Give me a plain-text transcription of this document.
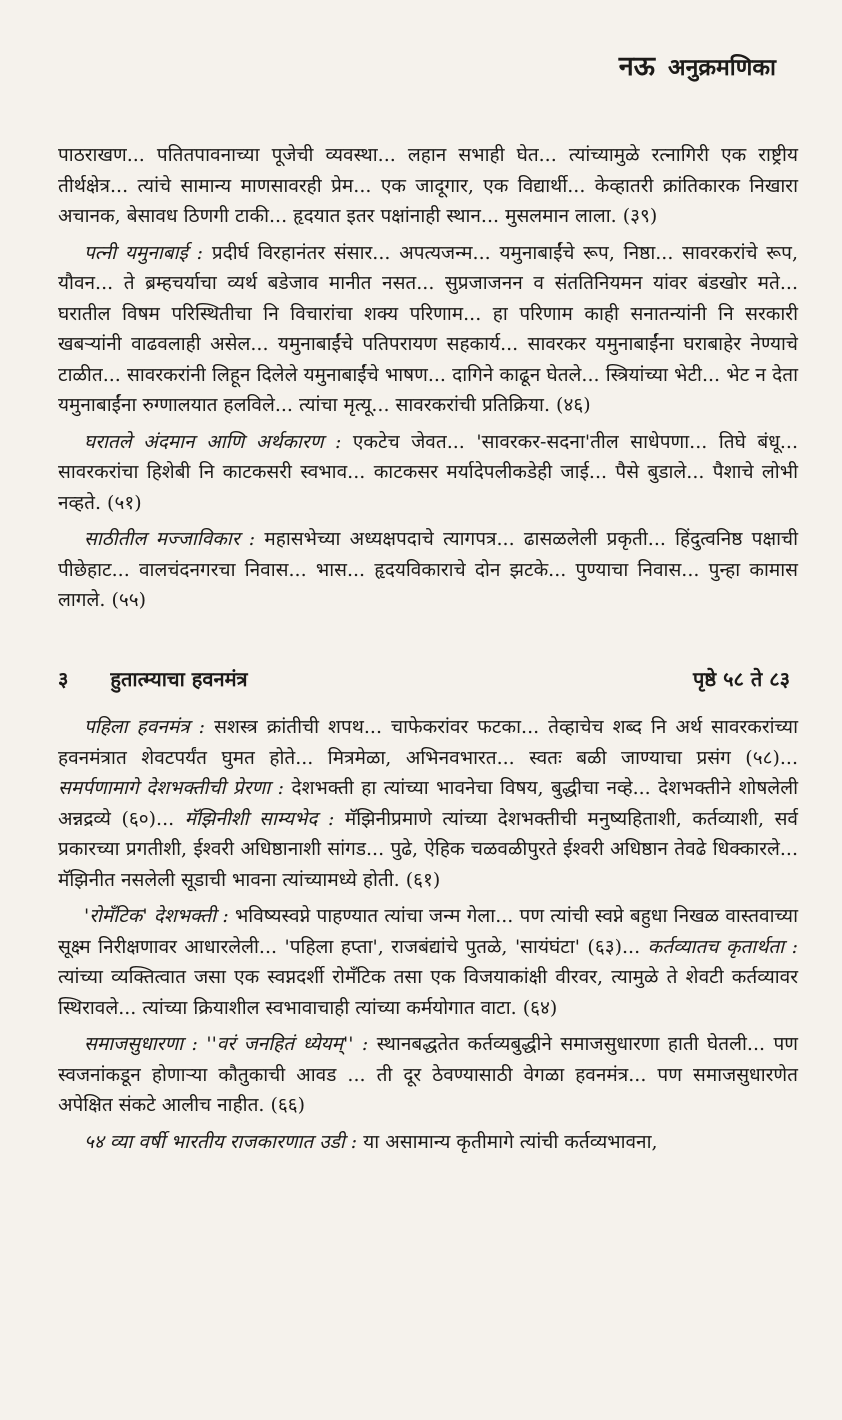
नऊ अनुक्रमणिका

पाठराखण... पतितपावनाच्या पूजेची व्यवस्था... लहान सभाही घेत... त्यांच्यामुळे रत्नागिरी एक राष्ट्रीय तीर्थक्षेत्र... त्यांचे सामान्य माणसावरही प्रेम... एक जादूगार, एक विद्यार्थी... केव्हातरी क्रांतिकारक निखारा अचानक, बेसावध ठिणगी टाकी... हृदयात इतर पक्षांनाही स्थान... मुसलमान लाला. (३९)

पत्नी यमुनाबाई : प्रदीर्घ विरहानंतर संसार... अपत्यजन्म... यमुनाबाईंचे रूप, निष्ठा... सावरकरांचे रूप, यौवन... ते ब्रम्हचर्याचा व्यर्थ बडेजाव मानीत नसत... सुप्रजाजनन व संततिनियमन यांवर बंडखोर मते... घरातील विषम परिस्थितीचा नि विचारांचा शक्य परिणाम... हा परिणाम काही सनातन्यांनी नि सरकारी खबऱ्यांनी वाढवलाही असेल... यमुनाबाईंचे पतिपरायण सहकार्य... सावरकर यमुनाबाईंना घराबाहेर नेण्याचे टाळीत... सावरकरांनी लिहून दिलेले यमुनाबाईंचे भाषण... दागिने काढून घेतले... स्त्रियांच्या भेटी... भेट न देता यमुनाबाईंना रुग्णालयात हलविले... त्यांचा मृत्यू... सावरकरांची प्रतिक्रिया. (४६)

घरातले अंदमान आणि अर्थकारण : एकटेच जेवत... 'सावरकर-सदना'तील साधेपणा... तिघे बंधू... सावरकरांचा हिशेबी नि काटकसरी स्वभाव... काटकसर मर्यादेपलीकडेही जाई... पैसे बुडाले... पैशाचे लोभी नव्हते. (५१)

साठीतील मज्जाविकार : महासभेच्या अध्यक्षपदाचे त्यागपत्र... ढासळलेली प्रकृती... हिंदुत्वनिष्ठ पक्षाची पीछेहाट... वालचंदनगरचा निवास... भास... हृदयविकाराचे दोन झटके... पुण्याचा निवास... पुन्हा कामास लागले. (५५)

३ हुतात्म्याचा हवनमंत्र	पृष्ठे ५८ ते ८३

पहिला हवनमंत्र : सशस्त्र क्रांतीची शपथ... चाफेकरांवर फटका... तेव्हाचेच शब्द नि अर्थ सावरकरांच्या हवनमंत्रात शेवटपर्यंत घुमत होते... मित्रमेळा, अभिनवभारत... स्वतः बळी जाण्याचा प्रसंग (५८)... समर्पणामागे देशभक्तीची प्रेरणा : देशभक्ती हा त्यांच्या भावनेचा विषय, बुद्धीचा नव्हे... देशभक्तीने शोषलेली अन्नद्रव्ये (६०)... मॅझिनीशी साम्यभेद : मॅझिनीप्रमाणे त्यांच्या देशभक्तीची मनुष्यहिताशी, कर्तव्याशी, सर्व प्रकारच्या प्रगतीशी, ईश्वरी अधिष्ठानाशी सांगड... पुढे, ऐहिक चळवळीपुरते ईश्वरी अधिष्ठान तेवढे धिक्कारले... मॅझिनीत नसलेली सूडाची भावना त्यांच्यामध्ये होती. (६१)

'रोमँटिक' देशभक्ती : भविष्यस्वप्ने पाहण्यात त्यांचा जन्म गेला... पण त्यांची स्वप्ने बहुधा निखळ वास्तवाच्या सूक्ष्म निरीक्षणावर आधारलेली... 'पहिला हप्ता', राजबंद्यांचे पुतळे, 'सायंघंटा' (६३)... कर्तव्यातच कृतार्थता : त्यांच्या व्यक्तित्वात जसा एक स्वप्नदर्शी रोमँटिक तसा एक विजयाकांक्षी वीरवर, त्यामुळे ते शेवटी कर्तव्यावर स्थिरावले... त्यांच्या क्रियाशील स्वभावाचाही त्यांच्या कर्मयोगात वाटा. (६४)

समाजसुधारणा : ''वरं जनहितं ध्येयम्'' : स्थानबद्धतेत कर्तव्यबुद्धीने समाजसुधारणा हाती घेतली... पण स्वजनांकडून होणाऱ्या कौतुकाची आवड ... ती दूर ठेवण्यासाठी वेगळा हवनमंत्र... पण समाजसुधारणेत अपेक्षित संकटे आलीच नाहीत. (६६)

५४ व्या वर्षी भारतीय राजकारणात उडी : या असामान्य कृतीमागे त्यांची कर्तव्यभावना,
